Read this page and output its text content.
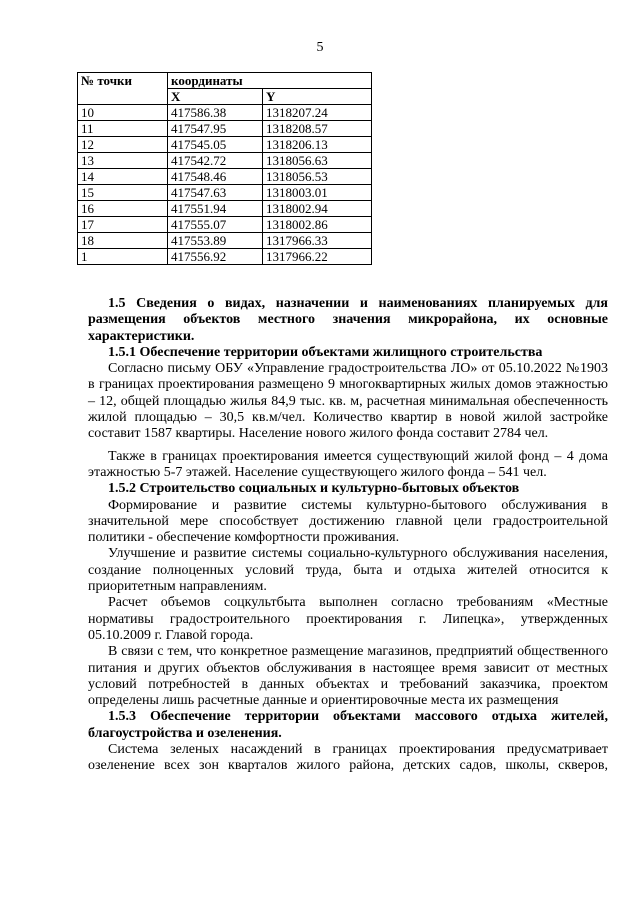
5
№ точки	координаты	
	X	Y
10	417586.38	1318207.24
11	417547.95	1318208.57
12	417545.05	1318206.13
13	417542.72	1318056.63
14	417548.46	1318056.53
15	417547.63	1318003.01
16	417551.94	1318002.94
17	417555.07	1318002.86
18	417553.89	1317966.33
1	417556.92	1317966.22

1.5 Сведения о видах, назначении и наименованиях планируемых для размещения объектов местного значения микрорайона, их основные характеристики.

1.5.1 Обеспечение территории объектами жилищного строительства

Согласно письму ОБУ «Управление градостроительства ЛО» от 05.10.2022 №1903 в границах проектирования размещено 9 многоквартирных жилых домов этажностью – 12, общей площадью жилья 84,9 тыс. кв. м, расчетная минимальная обеспеченность жилой площадью – 30,5 кв.м/чел. Количество квартир в новой жилой застройке составит 1587 квартиры. Население нового жилого фонда составит 2784 чел.

Также в границах проектирования имеется существующий жилой фонд – 4 дома этажностью 5-7 этажей. Население существующего жилого фонда – 541 чел.

1.5.2 Строительство социальных и культурно-бытовых объектов

Формирование и развитие системы культурно-бытового обслуживания в значительной мере способствует достижению главной цели градостроительной политики - обеспечение комфортности проживания.

Улучшение и развитие системы социально-культурного обслуживания населения, создание полноценных условий труда, быта и отдыха жителей относится к приоритетным направлениям.

Расчет объемов соцкультбыта выполнен согласно требованиям «Местные нормативы градостроительного проектирования г. Липецка», утвержденных 05.10.2009 г. Главой города.

В связи с тем, что конкретное размещение магазинов, предприятий общественного питания и других объектов обслуживания в настоящее время зависит от местных условий потребностей в данных объектах и требований заказчика, проектом определены лишь расчетные данные и ориентировочные места их размещения

1.5.3 Обеспечение территории объектами массового отдыха жителей, благоустройства и озеленения.

Система зеленых насаждений в границах проектирования предусматривает озеленение всех зон кварталов жилого района, детских садов, школы, скверов,
